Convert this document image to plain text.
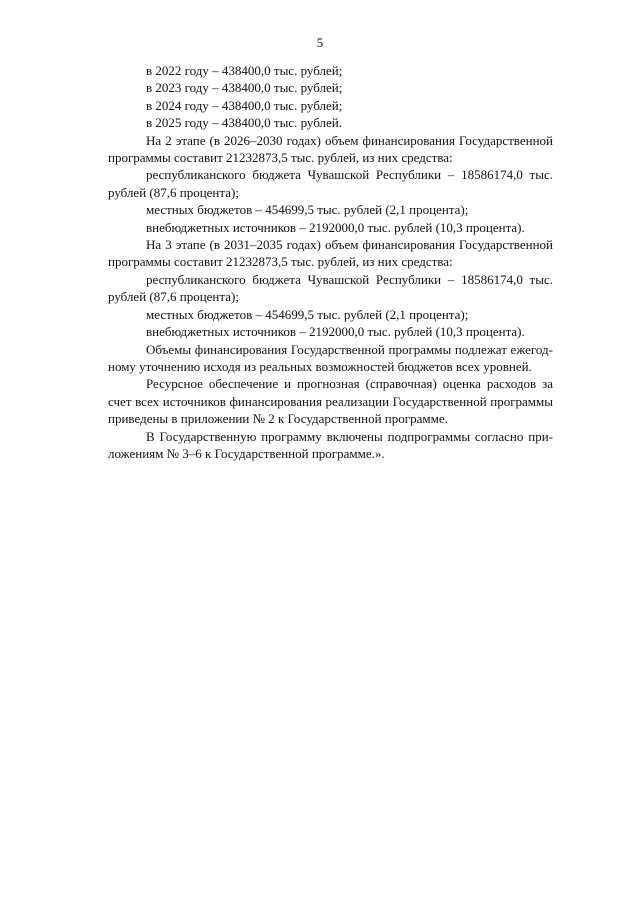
5

в 2022 году – 438400,0 тыс. рублей;

в 2023 году – 438400,0 тыс. рублей;

в 2024 году – 438400,0 тыс. рублей;

в 2025 году – 438400,0 тыс. рублей.

На 2 этапе (в 2026–2030 годах) объем финансирования Государственной программы составит 21232873,5 тыс. рублей, из них средства:

республиканского бюджета Чувашской Республики – 18586174,0 тыс. рублей (87,6 процента);

местных бюджетов – 454699,5 тыс. рублей (2,1 процента);

внебюджетных источников – 2192000,0 тыс. рублей (10,3 процента).

На 3 этапе (в 2031–2035 годах) объем финансирования Государственной программы составит 21232873,5 тыс. рублей, из них средства:

республиканского бюджета Чувашской Республики – 18586174,0 тыс. рублей (87,6 процента);

местных бюджетов – 454699,5 тыс. рублей (2,1 процента);

внебюджетных источников – 2192000,0 тыс. рублей (10,3 процента).

Объемы финансирования Государственной программы подлежат ежегодному уточнению исходя из реальных возможностей бюджетов всех уровней.

Ресурсное обеспечение и прогнозная (справочная) оценка расходов за счет всех источников финансирования реализации Государственной программы приведены в приложении № 2 к Государственной программе.

В Государственную программу включены подпрограммы согласно приложениям № 3–6 к Государственной программе.».
